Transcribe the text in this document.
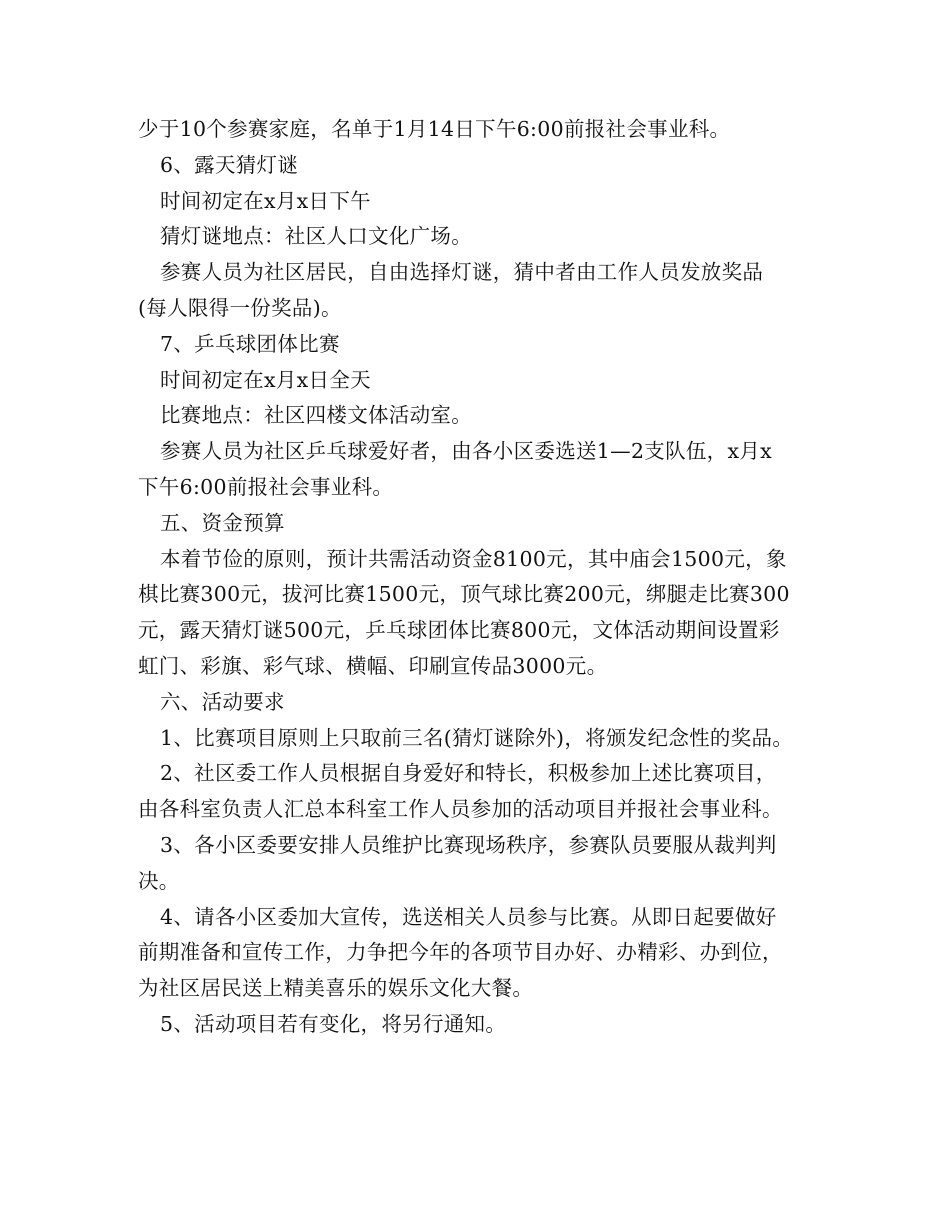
少于10个参赛家庭，名单于1月14日下午6:00前报社会事业科。
6、露天猜灯谜
时间初定在x月x日下午
猜灯谜地点：社区人口文化广场。
参赛人员为社区居民，自由选择灯谜，猜中者由工作人员发放奖品
(每人限得一份奖品)。
7、乒乓球团体比赛
时间初定在x月x日全天
比赛地点：社区四楼文体活动室。
参赛人员为社区乒乓球爱好者，由各小区委选送1—2支队伍，x月x
下午6:00前报社会事业科。
五、资金预算
本着节俭的原则，预计共需活动资金8100元，其中庙会1500元，象
棋比赛300元，拔河比赛1500元，顶气球比赛200元，绑腿走比赛300
元，露天猜灯谜500元，乒乓球团体比赛800元，文体活动期间设置彩
虹门、彩旗、彩气球、横幅、印刷宣传品3000元。
六、活动要求
1、比赛项目原则上只取前三名(猜灯谜除外)，将颁发纪念性的奖品。
2、社区委工作人员根据自身爱好和特长，积极参加上述比赛项目，
由各科室负责人汇总本科室工作人员参加的活动项目并报社会事业科。
3、各小区委要安排人员维护比赛现场秩序，参赛队员要服从裁判判
决。
4、请各小区委加大宣传，选送相关人员参与比赛。从即日起要做好
前期准备和宣传工作，力争把今年的各项节目办好、办精彩、办到位，
为社区居民送上精美喜乐的娱乐文化大餐。
5、活动项目若有变化，将另行通知。
